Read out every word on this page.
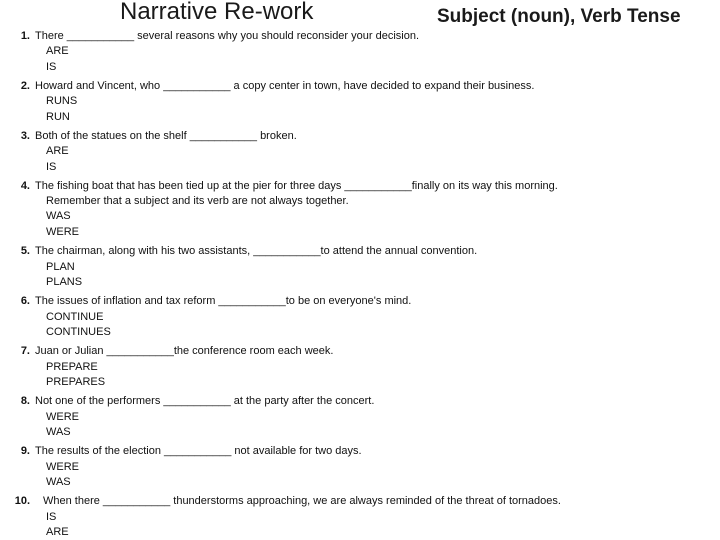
Narrative Re-work	Subject (noun), Verb Tense
1. There ___________ several reasons why you should reconsider your decision.
ARE
IS
2. Howard and Vincent, who ___________ a copy center in town, have decided to expand their business.
RUNS
RUN
3. Both of the statues on the shelf ___________ broken.
ARE
IS
4. The fishing boat that has been tied up at the pier for three days ___________finally on its way this morning.
Remember that a subject and its verb are not always together.
WAS
WERE
5. The chairman, along with his two assistants, ___________to attend the annual convention.
PLAN
PLANS
6. The issues of inflation and tax reform ___________to be on everyone's mind.
CONTINUE
CONTINUES
7. Juan or Julian ___________the conference room each week.
PREPARE
PREPARES
8. Not one of the performers ___________ at the party after the concert.
WERE
WAS
9. The results of the election ___________ not available for two days.
WERE
WAS
10. When there ___________ thunderstorms approaching, we are always reminded of the threat of tornadoes.
IS
ARE
